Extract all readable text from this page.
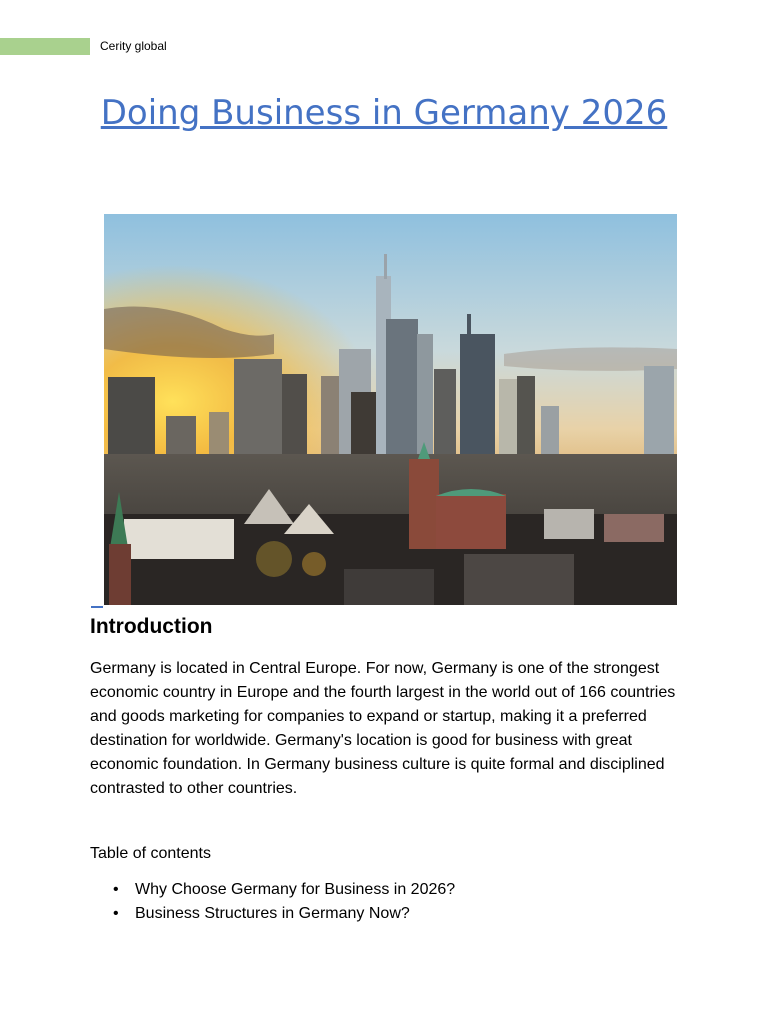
Cerity global
Doing Business in Germany 2026
Introduction

Germany is located in Central Europe. For now, Germany is one of the strongest economic country in Europe and the fourth largest in the world out of 166 countries and goods marketing for companies to expand or startup, making it a preferred destination for worldwide. Germany's location is good for business with great economic foundation. In Germany business culture is quite formal and disciplined contrasted to other countries.

Table of contents

• Why Choose Germany for Business in 2026?
• Business Structures in Germany Now?
